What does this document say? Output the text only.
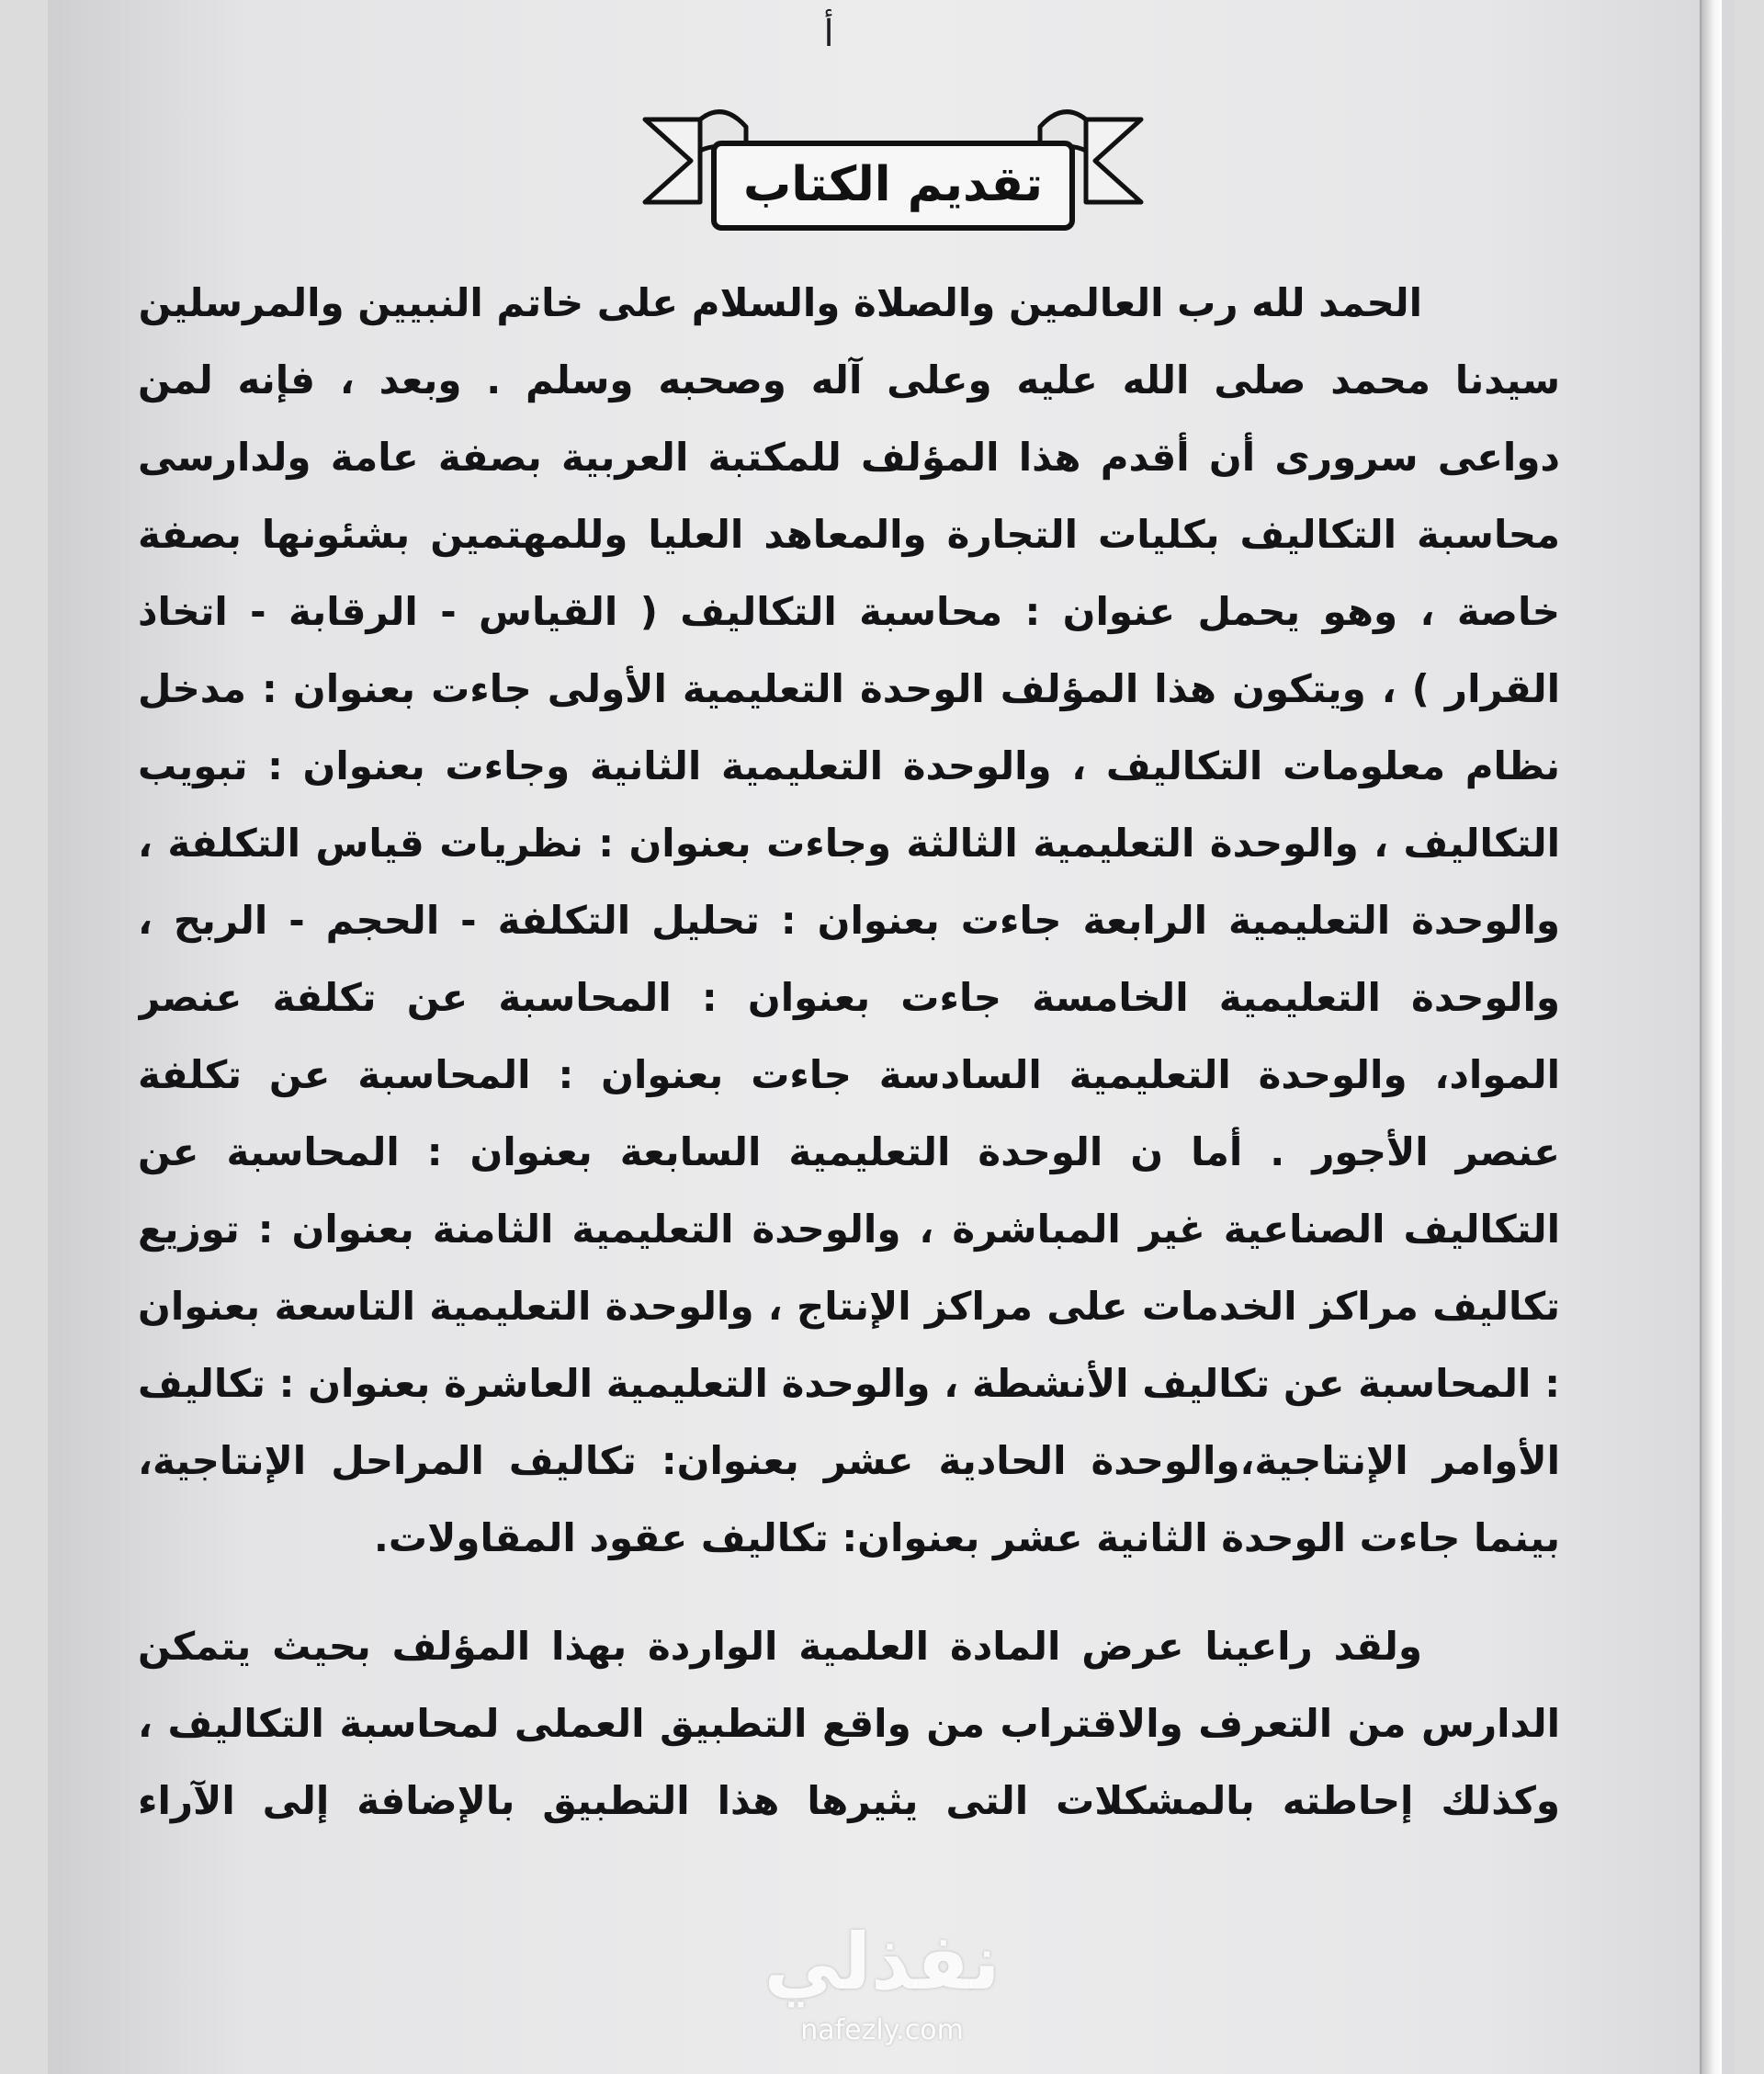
أ
تقديم الكتاب
الحمد لله رب العالمين والصلاة والسلام على خاتم النبيين والمرسلين
سيدنا محمد صلى الله عليه وعلى آله وصحبه وسلم . وبعد ، فإنه لمن
دواعى سرورى أن أقدم هذا المؤلف للمكتبة العربية بصفة عامة ولدارسى
محاسبة التكاليف بكليات التجارة والمعاهد العليا وللمهتمين بشئونها بصفة
خاصة ، وهو يحمل عنوان : محاسبة التكاليف ( القياس - الرقابة - اتخاذ
القرار ) ، ويتكون هذا المؤلف الوحدة التعليمية الأولى جاءت بعنوان : مدخل
نظام معلومات التكاليف ، والوحدة التعليمية الثانية وجاءت بعنوان : تبويب
التكاليف ، والوحدة التعليمية الثالثة وجاءت بعنوان : نظريات قياس التكلفة ،
والوحدة التعليمية الرابعة جاءت بعنوان : تحليل التكلفة - الحجم - الربح ،
والوحدة التعليمية الخامسة جاءت بعنوان : المحاسبة عن تكلفة عنصر
المواد، والوحدة التعليمية السادسة جاءت بعنوان : المحاسبة عن تكلفة
عنصر الأجور . أما ن الوحدة التعليمية السابعة بعنوان : المحاسبة عن
التكاليف الصناعية غير المباشرة ، والوحدة التعليمية الثامنة بعنوان : توزيع
تكاليف مراكز الخدمات على مراكز الإنتاج ، والوحدة التعليمية التاسعة بعنوان
: المحاسبة عن تكاليف الأنشطة ، والوحدة التعليمية العاشرة بعنوان : تكاليف
الأوامر الإنتاجية،والوحدة الحادية عشر بعنوان: تكاليف المراحل الإنتاجية،
بينما جاءت الوحدة الثانية عشر بعنوان: تكاليف عقود المقاولات.
ولقد راعينا عرض المادة العلمية الواردة بهذا المؤلف بحيث يتمكن
الدارس من التعرف والاقتراب من واقع التطبيق العملى لمحاسبة التكاليف ،
وكذلك إحاطته بالمشكلات التى يثيرها هذا التطبيق بالإضافة إلى الآراء
نفذلي
nafezly.com
